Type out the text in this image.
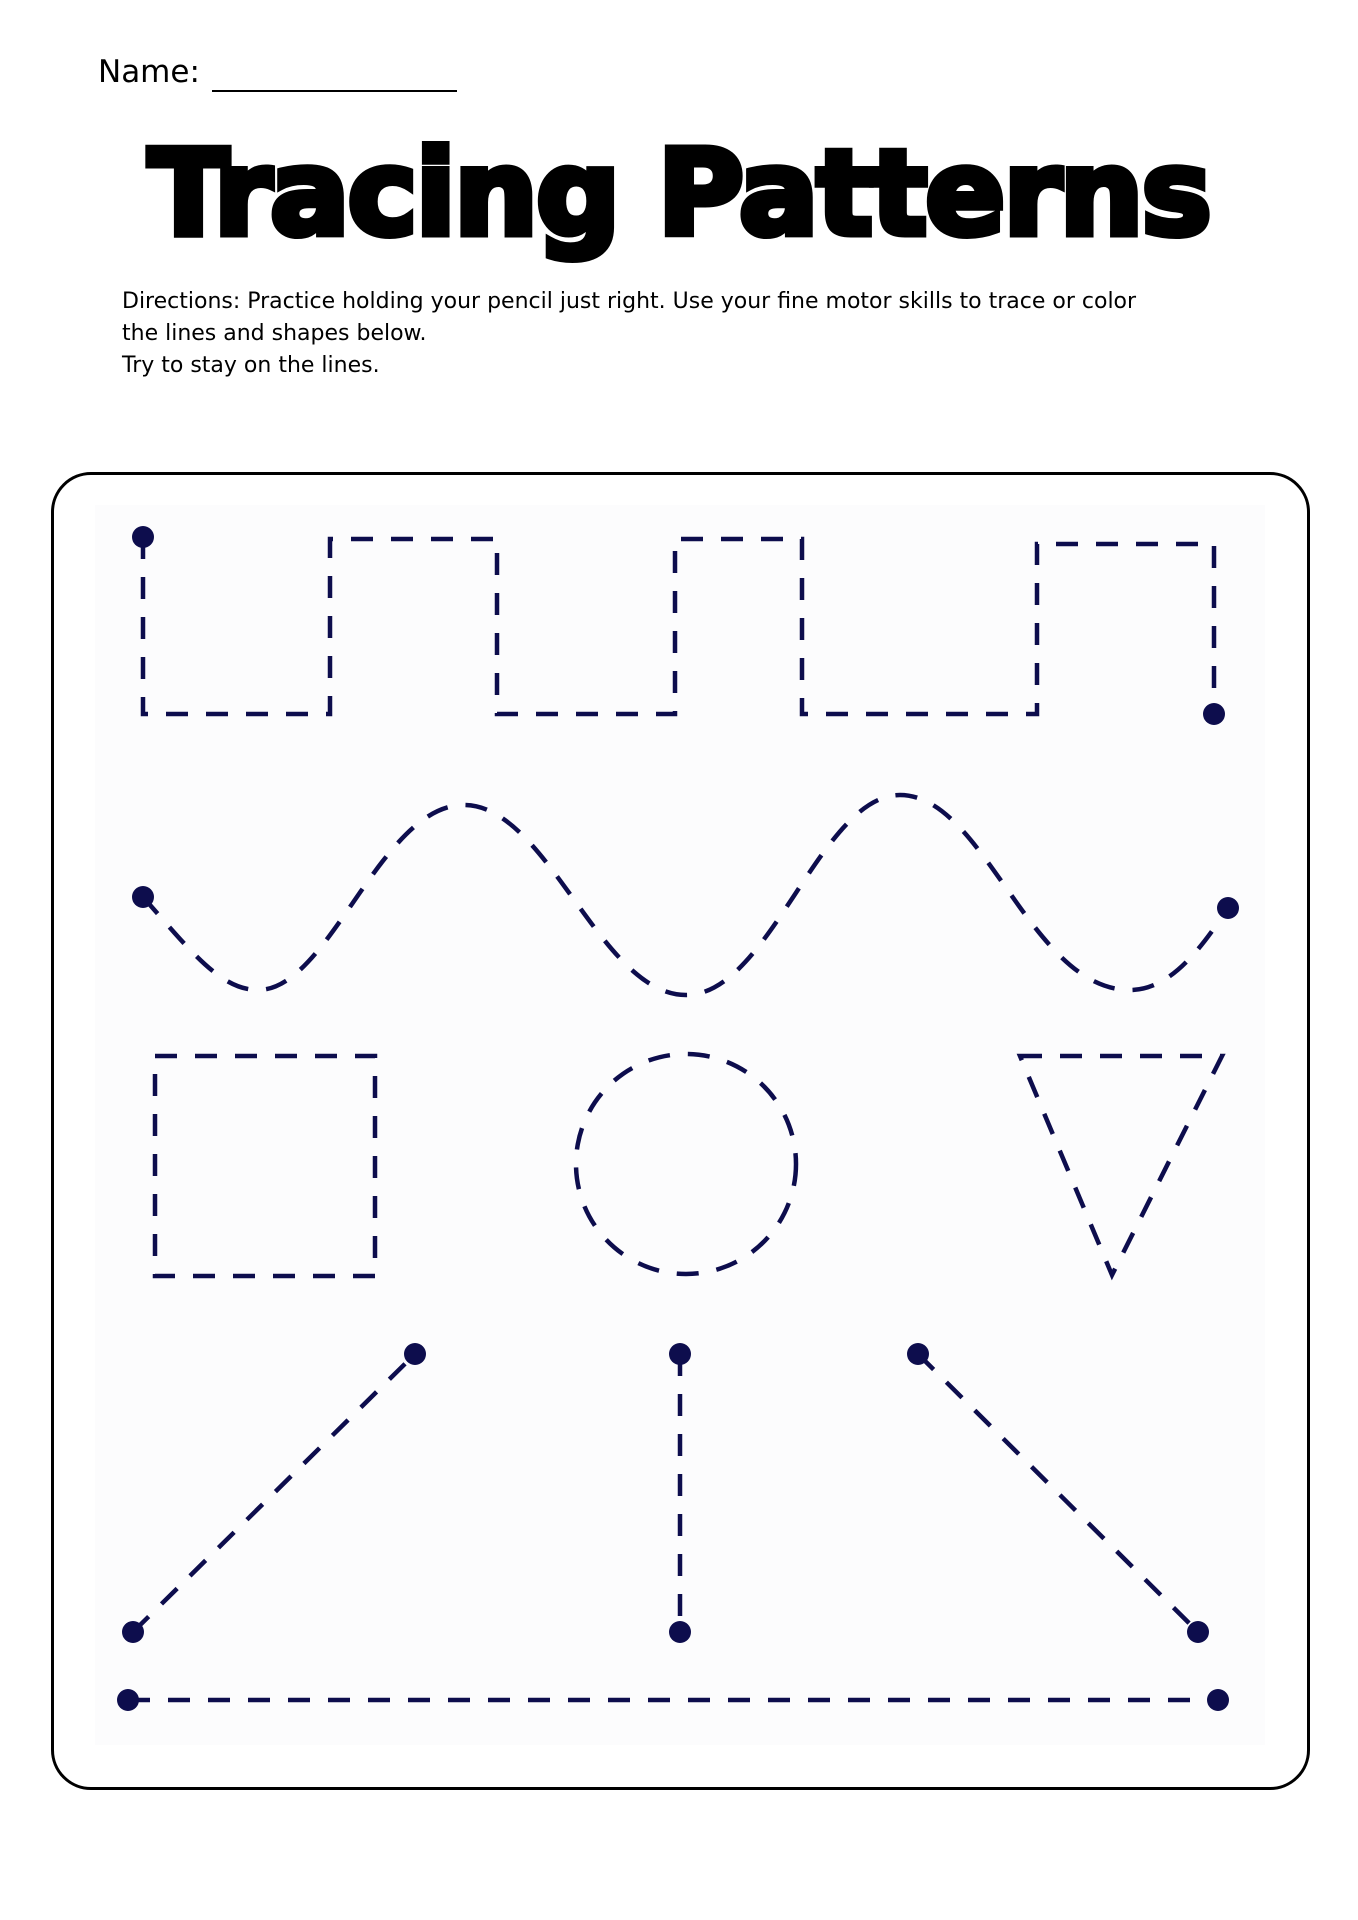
Name:
Tracing Patterns
Directions: Practice holding your pencil just right. Use your fine motor skills to trace or color
the lines and shapes below.
Try to stay on the lines.
